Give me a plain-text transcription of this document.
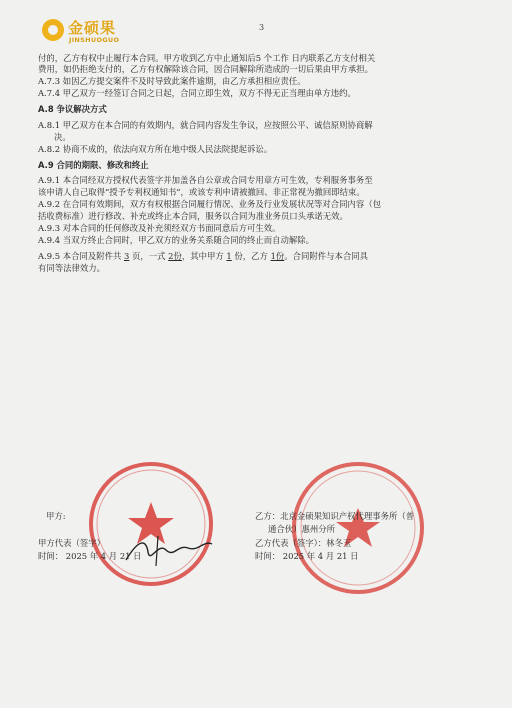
金硕果
JINSHUOGUO
3
付的，乙方有权中止履行本合同。甲方收到乙方中止通知后5 个工作 日内联系乙方支付相关
费用，如仍拒绝支付的，乙方有权解除该合同，因合同解除所造成的一切后果由甲方承担。
A.7.3 如因乙方提交案件不及时导致此案件逾期，由乙方承担相应责任。
A.7.4 甲乙双方一经签订合同之日起，合同立即生效，双方不得无正当理由单方违约。
A.8 争议解决方式
A.8.1 甲乙双方在本合同的有效期内，就合同内容发生争议，应按照公平、诚信原则协商解
决。
A.8.2 协商不成的，依法向双方所在地中级人民法院提起诉讼。
A.9 合同的期限、修改和终止
A.9.1 本合同经双方授权代表签字并加盖各自公章或合同专用章方可生效，专利服务事务至
该申请人自己取得“授予专利权通知书”，或该专利申请被撤回、非正常视为撤回即结束。
A.9.2 在合同有效期间，双方有权根据合同履行情况、业务及行业发展状况等对合同内容（包
括收费标准）进行修改、补充或终止本合同，服务以合同为准业务员口头承诺无效。
A.9.3 对本合同的任何修改及补充须经双方书面同意后方可生效。
A.9.4 当双方终止合同时，甲乙双方的业务关系随合同的终止而自动解除。
A.9.5 本合同及附件共 3 页，一式 2份，其中甲方 1 份，乙方 1份。合同附件与本合同具
有同等法律效力。
甲方:
甲方代表（签字）
时间： 2025 年 4 月 21 日
乙方：北京金硕果知识产权代理事务所（普
通合伙）惠州分所
乙方代表（签字）：林冬玉
时间： 2025 年 4 月 21 日
